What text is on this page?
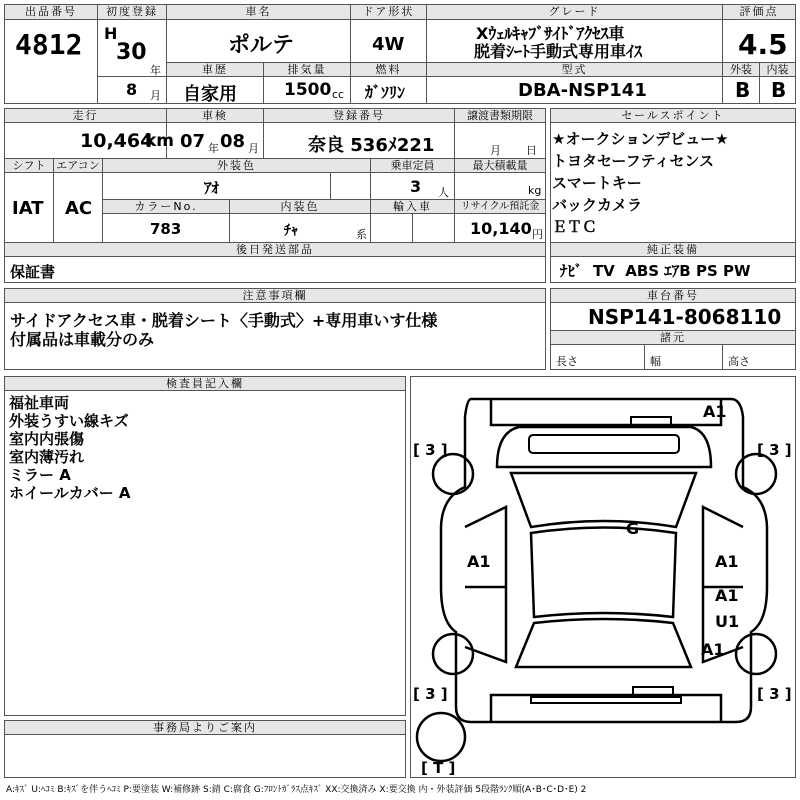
出品番号
4812
初度登録
H
30
年
8 月
車名
ポルテ
ドア形状
4W
グレード
Xｳｪﾙｷｬﾌﾞｻｲﾄﾞｱｸｾｽ車
脱着ｼｰﾄ手動式専用車ｲｽ
評価点
4.5
車歴
自家用
排気量
1500 cc
燃料
ｶﾞｿﾘﾝ
型式
DBA-NSP141
外装	内装
B B
走行
10,464
km
車検
07 年 08 月
登録番号
奈良 536ﾒ221
譲渡書類期限
月 日
シフト
IAT
エアコン
AC
外装色
ｱｵ
乗車定員
3 人
最大積載量
kg
カラーNo.
783
内装色
ﾁｬ	系
輸入車	リサイクル預託金
10,140 円
後日発送部品
保証書
セールスポイント
★オークションデビュー★
トヨタセーフティセンス
スマートキー
バックカメラ
ＥＴＣ
純正装備
ﾅﾋﾞ  TV  ABS ｴｱB PS PW
注意事項欄
サイドアクセス車・脱着シート〈手動式〉+専用車いす仕様
付属品は車載分のみ
車台番号
NSP141-8068110
諸元
長さ	幅	高さ
検査員記入欄
福祉車両
外装うすい線キズ
室内内張傷
室内薄汚れ
ミラー A
ホイールカバー A
事務局よりご案内
A1
G
A1	A1
A1
U1
A1
[ 3 ]	[ 3 ]
[ 3 ]	[ 3 ]
[ T ]
A:ｷｽﾞ U:ﾍｺﾐ B:ｷｽﾞを伴うﾍｺﾐ P:要塗装 W:補修跡 S:錆 C:腐食 G:ﾌﾛﾝﾄｶﾞﾗｽ点ｷｽﾞ XX:交換済み X:要交換 内・外装評価 5段階ﾗﾝｸ順(A･B･C･D･E) 2
